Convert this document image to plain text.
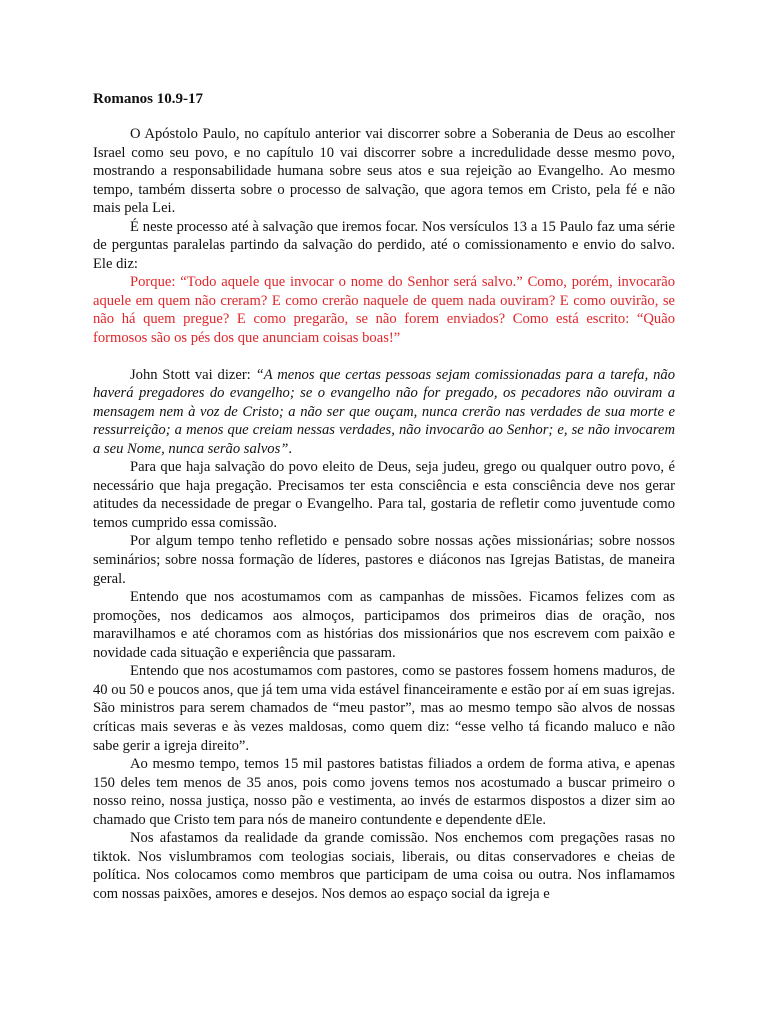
Romanos 10.9-17

O Apóstolo Paulo, no capítulo anterior vai discorrer sobre a Soberania de Deus ao escolher Israel como seu povo, e no capítulo 10 vai discorrer sobre a incredulidade desse mesmo povo, mostrando a responsabilidade humana sobre seus atos e sua rejeição ao Evangelho. Ao mesmo tempo, também disserta sobre o processo de salvação, que agora temos em Cristo, pela fé e não mais pela Lei.

É neste processo até à salvação que iremos focar. Nos versículos 13 a 15 Paulo faz uma série de perguntas paralelas partindo da salvação do perdido, até o comissionamento e envio do salvo. Ele diz:

Porque: “Todo aquele que invocar o nome do Senhor será salvo.” Como, porém, invocarão aquele em quem não creram? E como crerão naquele de quem nada ouviram? E como ouvirão, se não há quem pregue? E como pregarão, se não forem enviados? Como está escrito: “Quão formosos são os pés dos que anunciam coisas boas!”

John Stott vai dizer: “A menos que certas pessoas sejam comissionadas para a tarefa, não haverá pregadores do evangelho; se o evangelho não for pregado, os pecadores não ouviram a mensagem nem à voz de Cristo; a não ser que ouçam, nunca crerão nas verdades de sua morte e ressurreição; a menos que creiam nessas verdades, não invocarão ao Senhor; e, se não invocarem a seu Nome, nunca serão salvos”.

Para que haja salvação do povo eleito de Deus, seja judeu, grego ou qualquer outro povo, é necessário que haja pregação. Precisamos ter esta consciência e esta consciência deve nos gerar atitudes da necessidade de pregar o Evangelho. Para tal, gostaria de refletir como juventude como temos cumprido essa comissão.

Por algum tempo tenho refletido e pensado sobre nossas ações missionárias; sobre nossos seminários; sobre nossa formação de líderes, pastores e diáconos nas Igrejas Batistas, de maneira geral.

Entendo que nos acostumamos com as campanhas de missões. Ficamos felizes com as promoções, nos dedicamos aos almoços, participamos dos primeiros dias de oração, nos maravilhamos e até choramos com as histórias dos missionários que nos escrevem com paixão e novidade cada situação e experiência que passaram.

Entendo que nos acostumamos com pastores, como se pastores fossem homens maduros, de 40 ou 50 e poucos anos, que já tem uma vida estável financeiramente e estão por aí em suas igrejas. São ministros para serem chamados de “meu pastor”, mas ao mesmo tempo são alvos de nossas críticas mais severas e às vezes maldosas, como quem diz: “esse velho tá ficando maluco e não sabe gerir a igreja direito”.

Ao mesmo tempo, temos 15 mil pastores batistas filiados a ordem de forma ativa, e apenas 150 deles tem menos de 35 anos, pois como jovens temos nos acostumado a buscar primeiro o nosso reino, nossa justiça, nosso pão e vestimenta, ao invés de estarmos dispostos a dizer sim ao chamado que Cristo tem para nós de maneiro contundente e dependente dEle.

Nos afastamos da realidade da grande comissão. Nos enchemos com pregações rasas no tiktok. Nos vislumbramos com teologias sociais, liberais, ou ditas conservadores e cheias de política. Nos colocamos como membros que participam de uma coisa ou outra. Nos inflamamos com nossas paixões, amores e desejos. Nos demos ao espaço social da igreja e
